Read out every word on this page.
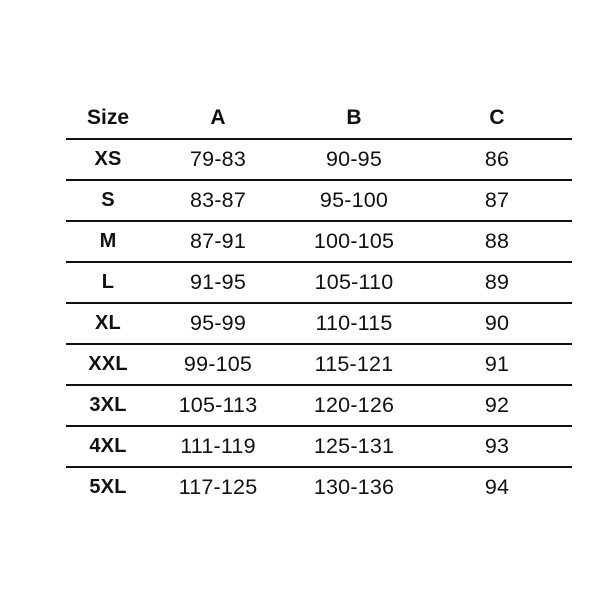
Size	A	B	C
XS	79-83	90-95	86
S	83-87	95-100	87
M	87-91	100-105	88
L	91-95	105-110	89
XL	95-99	110-115	90
XXL	99-105	115-121	91
3XL	105-113	120-126	92
4XL	111-119	125-131	93
5XL	117-125	130-136	94
